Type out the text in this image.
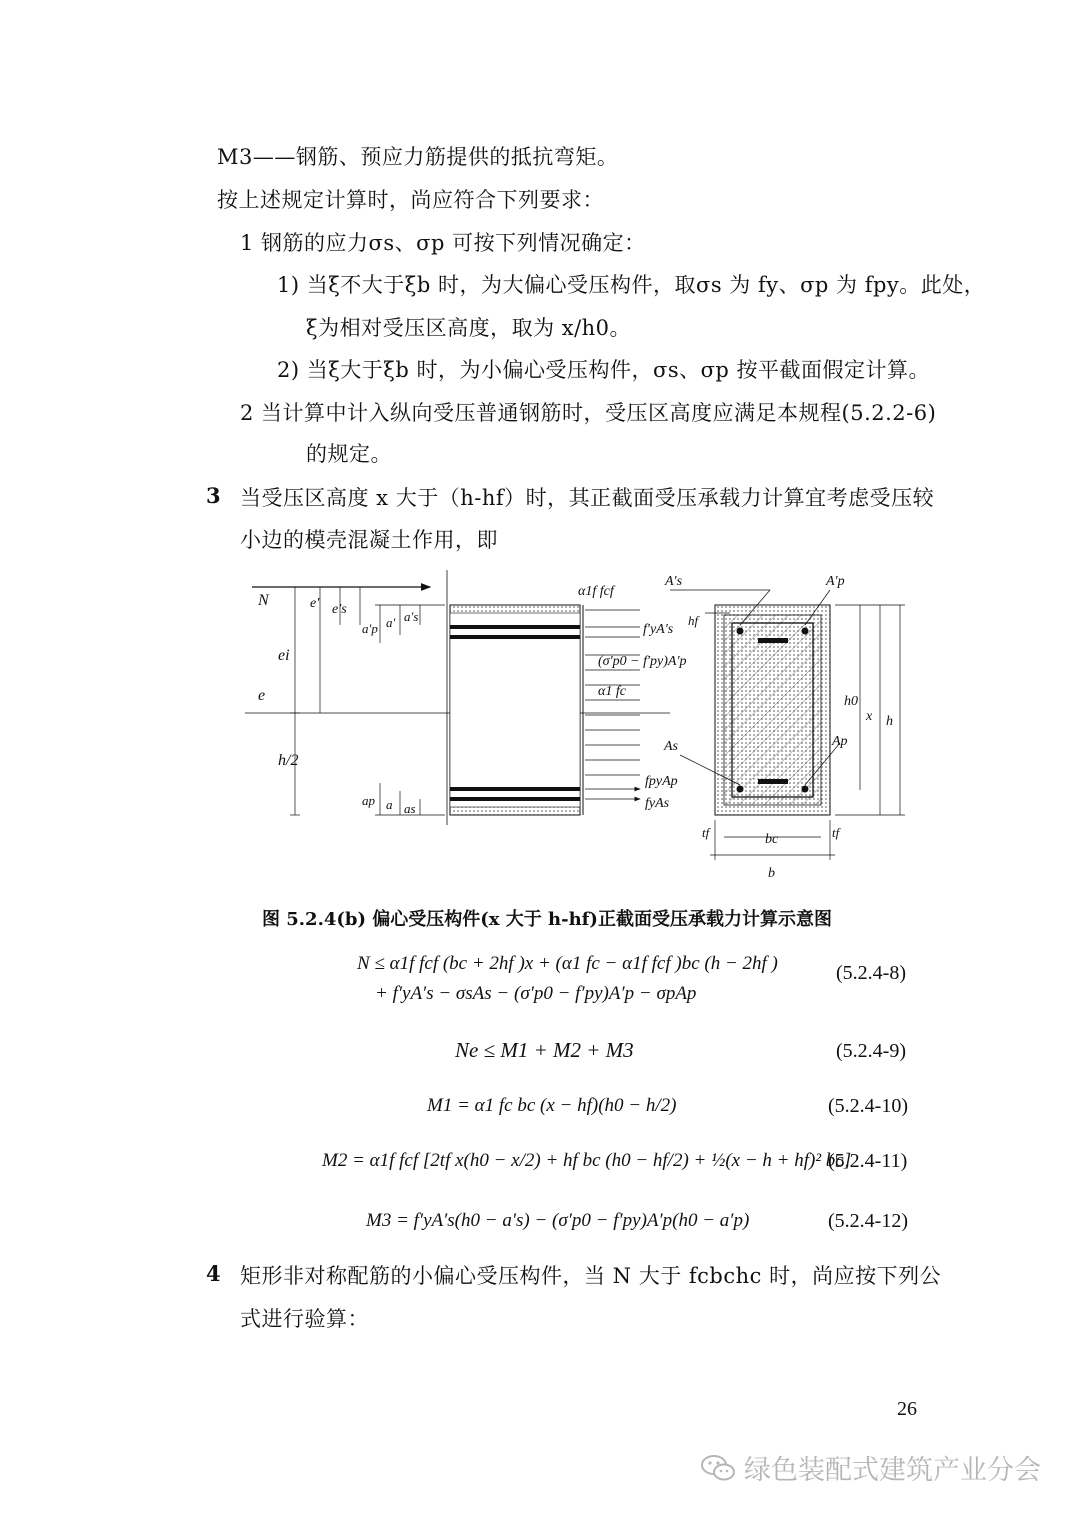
M3——钢筋、预应力筋提供的抵抗弯矩。
按上述规定计算时，尚应符合下列要求：
1 钢筋的应力σs、σp 可按下列情况确定：
1) 当ξ不大于ξb 时，为大偏心受压构件，取σs 为 fy、σp 为 fpy。此处，
ξ为相对受压区高度，取为 x/h0。
2) 当ξ大于ξb 时，为小偏心受压构件，σs、σp 按平截面假定计算。
2 当计算中计入纵向受压普通钢筋时，受压区高度应满足本规程(5.2.2-6)
的规定。
3 当受压区高度 x 大于（h-hf）时，其正截面受压承载力计算宜考虑受压较
小边的模壳混凝土作用，即
N	e′ e′s
ei
e
h/2
a′p a′ a′s
ap a as
α1f fcf
f′yA′s
(σ′p0 − f′py)A′p
α1 fc
fpyAp
fyAs
A′s	A′p
hf
h0
x h
As	Ap
tf	bc	tf
b
图 5.2.4(b) 偏心受压构件(x 大于 h-hf)正截面受压承载力计算示意图
N ≤ α1f fcf (bc + 2hf )x + (α1 fc − α1f fcf )bc (h − 2hf )
+ f′yA′s − σsAs − (σ′p0 − f′py)A′p − σpAp
(5.2.4-8)
Ne ≤ M1 + M2 + M3	(5.2.4-9)
M1 = α1 fc bc (x − hf)(h0 − h/2)	(5.2.4-10)
M2 = α1f fcf [2tf x(h0 − x/2) + hf bc (h0 − hf/2) + ½(x − h + hf)² bc]
(5.2.4-11)
M3 = f′yA′s(h0 − a′s) − (σ′p0 − f′py)A′p(h0 − a′p)	(5.2.4-12)
4 矩形非对称配筋的小偏心受压构件，当 N 大于 fcbchc 时，尚应按下列公
式进行验算：
26
绿色装配式建筑产业分会
